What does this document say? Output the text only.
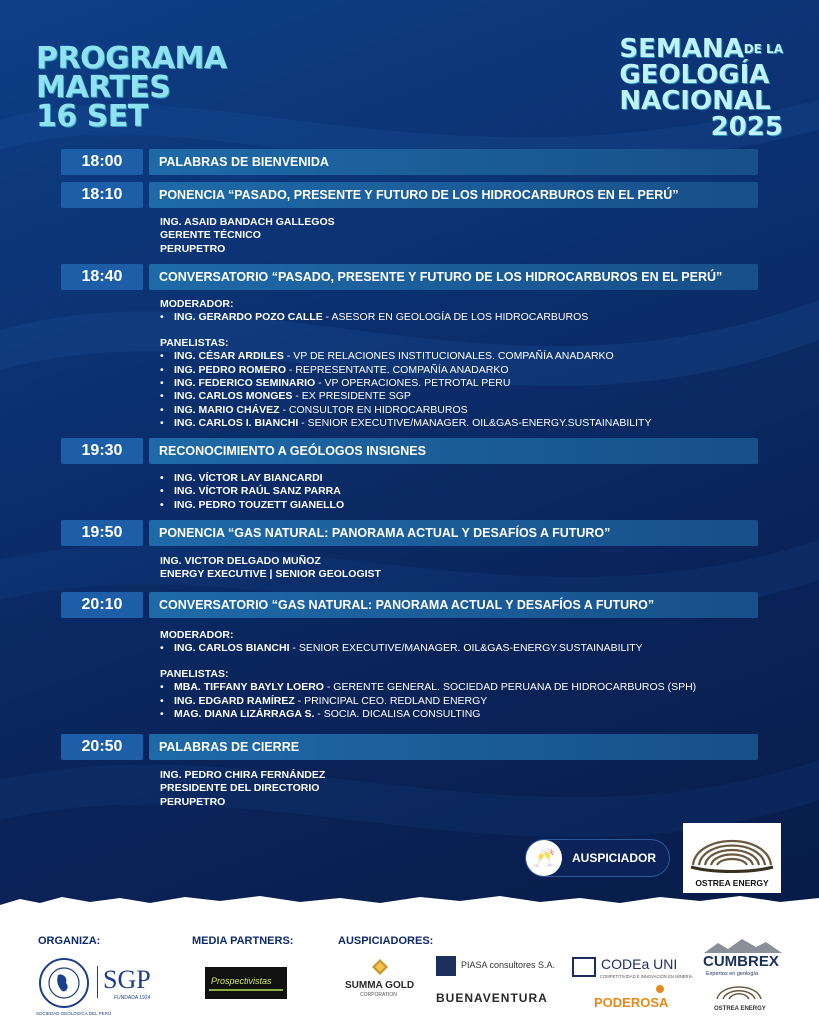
PROGRAMA
MARTES
16 SET
$SEMANA^{DE LA}$
GEOLOGÍA
NACIONAL
2025
18:00	PALABRAS DE BIENVENIDA
18:10	PONENCIA “PASADO, PRESENTE Y FUTURO DE LOS HIDROCARBUROS EN EL PERÚ”
ING. ASAID BANDACH GALLEGOS
GERENTE TÉCNICO
PERUPETRO
18:40	CONVERSATORIO “PASADO, PRESENTE Y FUTURO DE LOS HIDROCARBUROS EN EL PERÚ”
MODERADOR:
• ING. GERARDO POZO CALLE - ASESOR EN GEOLOGÍA DE LOS HIDROCARBUROS
PANELISTAS:
• ING. CÉSAR ARDILES - VP DE RELACIONES INSTITUCIONALES. COMPAÑÍA ANADARKO
• ING. PEDRO ROMERO - REPRESENTANTE. COMPAÑÍA ANADARKO
• ING. FEDERICO SEMINARIO - VP OPERACIONES. PETROTAL PERU
• ING. CARLOS MONGES - EX PRESIDENTE SGP
• ING. MARIO CHÁVEZ - CONSULTOR EN HIDROCARBUROS
• ING. CARLOS I. BIANCHI - SENIOR EXECUTIVE/MANAGER. OIL&GAS-ENERGY.SUSTAINABILITY
19:30	RECONOCIMIENTO A GEÓLOGOS INSIGNES
• ING. VÍCTOR LAY BIANCARDI
• ING. VÍCTOR RAÚL SANZ PARRA
• ING. PEDRO TOUZETT GIANELLO
19:50	PONENCIA “GAS NATURAL: PANORAMA ACTUAL Y DESAFÍOS A FUTURO”
ING. VICTOR DELGADO MUÑOZ
ENERGY EXECUTIVE | SENIOR GEOLOGIST
20:10	CONVERSATORIO “GAS NATURAL: PANORAMA ACTUAL Y DESAFÍOS A FUTURO”
MODERADOR:
• ING. CARLOS BIANCHI - SENIOR EXECUTIVE/MANAGER. OIL&GAS-ENERGY.SUSTAINABILITY
PANELISTAS:
• MBA. TIFFANY BAYLY LOERO - GERENTE GENERAL. SOCIEDAD PERUANA DE HIDROCARBUROS (SPH)
• ING. EDGARD RAMÍREZ - PRINCIPAL CEO. REDLAND ENERGY
• MAG. DIANA LIZÁRRAGA S. - SOCIA. DICALISA CONSULTING
20:50	PALABRAS DE CIERRE
ING. PEDRO CHIRA FERNÁNDEZ
PRESIDENTE DEL DIRECTORIO
PERUPETRO
🥂	AUSPICIADOR
OSTREA ENERGY
ORGANIZA:	MEDIA PARTNERS:	AUSPICIADORES:
SGP
FUNDADA 1924
SOCIEDAD GEOLÓGICA DEL PERÚ
Prospectivistas	SUMMA GOLD
CORPORATION
PIASA consultores S.A.
BUENAVENTURA
CODEa UNI
COMPETITIVIDAD E INNOVACIÓN EN MINERÍA
PODEROSA
CUMBREX
Expertos en geología
OSTREA ENERGY
